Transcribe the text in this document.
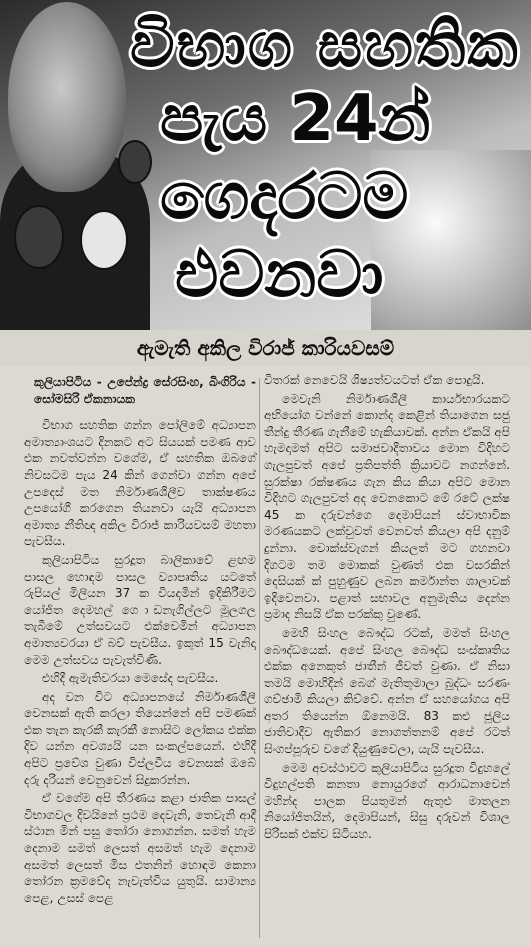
විභාග සහතික
පැය 24න්
ගෙදරටම
එවනවා
ඇමැති අකිල විරාජ් කාරියවසම්
කුලියාපිටිය - උපේන්ද්‍ර සේරසිංහ, බිංගිරිය - සෝමසිරි ඒකනායක

විභාග සහතික ගන්න පෝලිමේ අධ්‍යාපන අමාත්‍යාංශයට දිනකට අට සියයක් පමණ ආව එක නවත්වන්න වගේම, ඒ සහතික ඔබගේ නිවසටම පැය 24 කින් ගෙන්වා ගන්න අපේ උපදෙස් මත නිර්මාණශීලීව තාක්ෂණය උපයෝගී කරගෙන තියනවා යැයි අධ්‍යාපන අමාත්‍ය නීතිඥ අකිල විරාජ් කාරියවසම් මහතා පැවසීය.

කුලියාපිටිය සුරදූත බාලිකාවේ ළඟම පාසල හොඳම පාසල ව්‍යාපෘතිය යටතේ රුපියල් මිලියන 37 ක වියදමින් ඉදිකිරීමට යෝජිත දෙමහල් ගෙ ාඩනැගිල්ලට මූලගල තැබීමේ උත්සවයට එක්වෙමින් අධ්‍යාපන අමාත්‍යවරයා ඒ බව් පැවසීය. ඉකුත් 15 වැනිදා මෙම උත්සවය පැවැත්විණි.

එහිදී ඇමැතිවරයා මෙසේද පැවසීය.

අද වන විට අධ්‍යාපනයේ නිර්මාණශීලී වෙනසක් ඇති කරලා තියෙන්නේ අපි පමණක් එක තැන කැරකී කැරකී නොසිට ලෝකය එක්ක දිව යන්න අවශ්‍යයි යන සංකල්පයෙන්. එහිදී අපිට ප්‍රවේශ වුණා විප්ලවීය වෙනසක් ඔබේ දරු දරියන් වෙනුවෙන් සිදුකරන්න.

ඒ වගේම අපි තීරණය කළා ජාතික පාසල් විභාගවල දිවයිනේ ප්‍රථම දෙවැනි, තෙවැනි ආදී ස්ථාන මින් පසු තෝරා නොගන්න. සමත් හැම දෙනාම සමත් ලෙසත් අසමත් හැම දෙනාම අසමත් ලෙසත් මිස එතනින් හොඳම කෙනා තෝරන ක්‍රමවේද නැවැත්විය යුතුයි. සාමාන්‍ය පෙළ, උසස් පෙළ

විතරක් නෙවෙයි ශිෂ්‍යත්වයටත් ඒක පොදුයි.

මෙවැනි නිර්මාණශීලී කාර්යභාරයකට අභියෝග වන්නේ කොන්ද කෙළින් තියාගෙන සජු තීන්දු තීරණ ගැනීමේ හැකියාවක්. අන්න ඒකයි අපි හැමදාමත් අපිට සමාජවාදීතාවය මොන විදිහට ගැලපුවත් අපේ ප්‍රතිපත්ති ක්‍රියාවට නගන්නේ. සුරක්ෂා රක්ෂණය ගැන කිය කියා අපිට මොන විදිහට ගැලපුවත් අද වෙනකොට මේ රටේ ලක්ෂ 45 ක දරුවන්ගෙ දෙමාපියන් ස්වාභාවික මරණයකට ලක්වුවත් වෙනවත් කියලා අපි දනුම් දුන්නා. චොක්ස්වැගන් කියලත් මට ගහනවා දිගටම තම මොකක් වුණත් එක වසරකින් දෙසියක් ක් පුහුණුව ලබන කර්මාන්ත ශාලාවක් ඉදිවෙනවා. පළාත් සභාවල අනුමැතිය දෙන්න ප්‍රමාද නිසයි ඒක පරක්කු වුණේ.

මෙහි සිංහල බෞද්ධ රටක්, මමත් සිංහල බෞද්ධයෙක්. අපේ සිංහල බෞද්ධ සංස්කෘතිය එක්ක අනෙකුත් ජාතීන් ජීවත් වුණා. ඒ නිසා තමයි මොහිදින් බෙග් මැතිතුමාලා බුද්ධං සරණං ගච්ඡාමි කියලා කිව්වේ. අන්න ඒ සහයෝගය අපි අතර තියෙන්න ඕනෙමයි. 83 කළු ජූලිය ජාතිවාදීව ඇතිකර නොගත්තනම් අපේ රටත් සිංගප්පූරුව වගේ දියුණුවෙලා, යැයි පැවසීය.

මෙම අවස්ථාවට කුලියාපිටිය සුරදූත විදුහලේ විදුහල්පති කනතා නොයුරගේ ආරාධනාවෙන් මහින්ද පාලක පියතුමන් ඇතුළු මාතලන නියෝජිතයින්, දෙමාපියන්, සිසු දරුවන් විශාල පිරිසක් එක්ව සිටියහ.
